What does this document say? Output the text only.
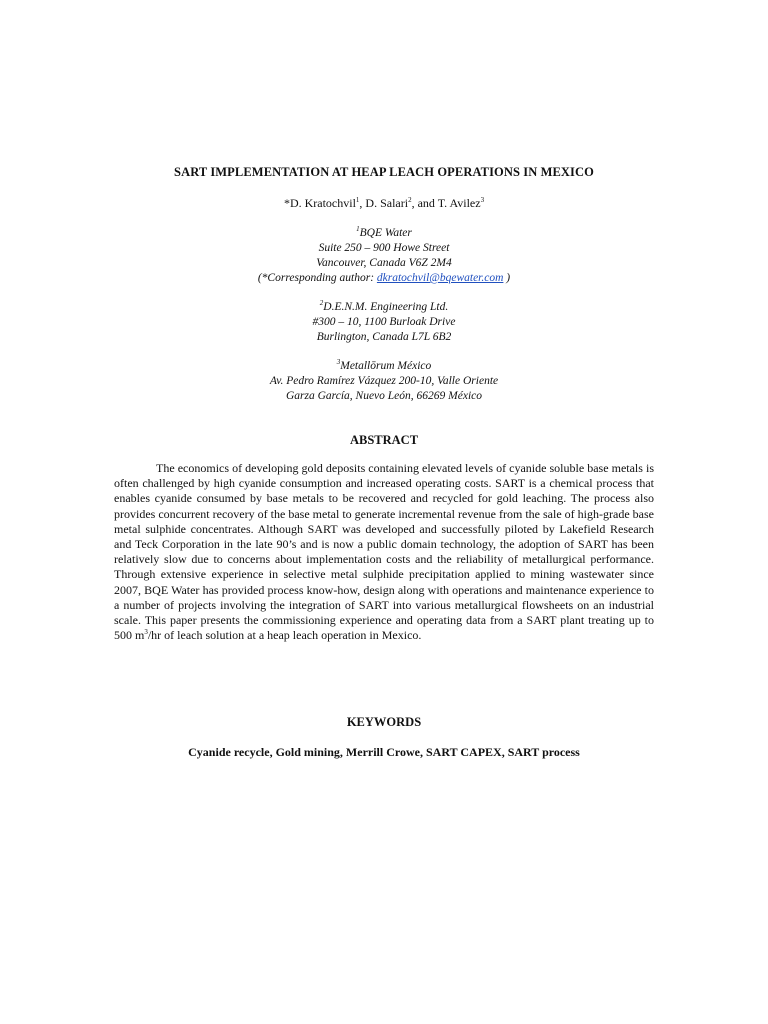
SART IMPLEMENTATION AT HEAP LEACH OPERATIONS IN MEXICO
*D. Kratochvil$^1$, D. Salari$^2$, and T. Avilez$^3$
$^1$BQE Water
Suite 250 – 900 Howe Street
Vancouver, Canada V6Z 2M4
(*Corresponding author: dkratochvil@bqewater.com )
$^2$D.E.N.M. Engineering Ltd.
#300 – 10, 1100 Burloak Drive
Burlington, Canada L7L 6B2
$^3$Metallōrum México
Av. Pedro Ramírez Vázquez 200-10, Valle Oriente
Garza García, Nuevo León, 66269 México
ABSTRACT
The economics of developing gold deposits containing elevated levels of cyanide soluble base metals is often challenged by high cyanide consumption and increased operating costs. SART is a chemical process that enables cyanide consumed by base metals to be recovered and recycled for gold leaching. The process also provides concurrent recovery of the base metal to generate incremental revenue from the sale of high-grade base metal sulphide concentrates. Although SART was developed and successfully piloted by Lakefield Research and Teck Corporation in the late 90’s and is now a public domain technology, the adoption of SART has been relatively slow due to concerns about implementation costs and the reliability of metallurgical performance. Through extensive experience in selective metal sulphide precipitation applied to mining wastewater since 2007, BQE Water has provided process know-how, design along with operations and maintenance experience to a number of projects involving the integration of SART into various metallurgical flowsheets on an industrial scale. This paper presents the commissioning experience and operating data from a SART plant treating up to 500 $m^3/hr$ of leach solution at a heap leach operation in Mexico.
KEYWORDS
Cyanide recycle, Gold mining, Merrill Crowe, SART CAPEX, SART process
